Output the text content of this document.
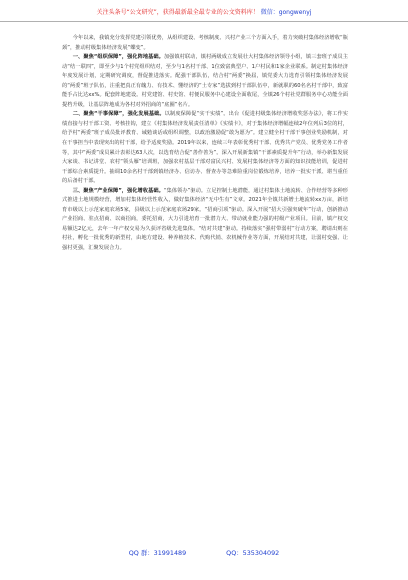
关注头条号“公文研究”，获得最新最全最专业的公文资料库！ 微信：gongwenyj

今年以来，我镇充分发挥党建引领优势，从组织建设、考核制度、兴村产业三个方面入手，着力突破村集体经济增收“瓶颈”，推动村级集体经济发展“蝶变”。

一、聚焦“组织保障”，强化阵地基础。加强镇村联动，镇村两级成立发展壮大村集体经济领导小组，镇三套班子成员主动“结一联四”，即至少与1个村党组织结对，至少与1名村干部、1位致富典型户、1户村民和1家企业联系。制定村集体经济年度发展计划，定期研究调度，督促推进落实。配强干部队伍，结合村“两委”换届，镇党委大力选育引领村集体经济发展的“两委”班子队伍，注重把真正有魄力、有技术、懂经济的“土专家”选拔到村干部队伍中，新就职的60名名村干部中，致富能手占比达xx%。配套阵地建设。村党建馆、村史馆、村便民服务中心建设全面收尾，全镇26个村社党群服务中心功能全面提档升级，让基层阵地成为各村对外招商的“底圈”名片。

二、聚焦“干事保障”，强化发展基础。以制度保障促“实干实绩”。出台《促进村级集体经济增收奖惩办法》，将工作实绩直接与村干部工资、考核挂钩，建立《村集体经济发展责任清单》《实绩卡》，对于集体经济增幅连续2年位列后3位的村，给予村“两委”班子成员批评教育、诫勉谈话或组织调整，以政治激励促“敢为愿为”。建立健全村干部干事创业奖励机制，对在干事担当中表现突出的村干部，给予适度奖励。2019年以来，连续三年表彰优秀村干部、优秀共产党员、优秀党务工作者等，其中“两委”成员累计表彰达63人次，以选育结合促“善作善为”。深入开展新集镇“干部素质提升年”行动，举办新集发展大家谈、书记讲堂、农村“领头雁”培训班，加强农村基层干部对富民兴村、发展村集体经济等方面的知识技能培训，促进村干部综合素质提升。抽调10余名村干部到镇经济办、信访办、督查办等急难险重岗位锻炼培养，培养一批实干派、堪当重任的后备村干部。

三、聚焦“产业保障”，强化增收基础。“集体领办”驱动。立足控制土地潜能，通过村集体土地流转、合作经营等多种形式推进土地规模经营，增加村集体经营性收入，做好集体经济“无中生有”文章。2021年全镇共新增土地流转xx万亩，新培育市级以上示范家庭农场5家，县级以上示范家庭农场29家。“招商引项”驱动。深入开展“招大引强突破年”行动，创新推动产业招商、驻点招商、以商招商，委托招商，大力引进培育一批潜力大、带动就业能力强的村级产业项目。目前，镇产权交易额达2亿元，去年一年产权交易为久获评省级先进集体。“结对共建”驱动。持续落实“强村带弱村”行动方案，聘请出则在村社，孵化一批优秀的新型村，由地方建设、种养植技术、代购代销、农机械作业等方面，开展结对共建，让弱村变强、让强村更强，汇聚发展合力。

QQ 群：31991489	QQ：535304092
